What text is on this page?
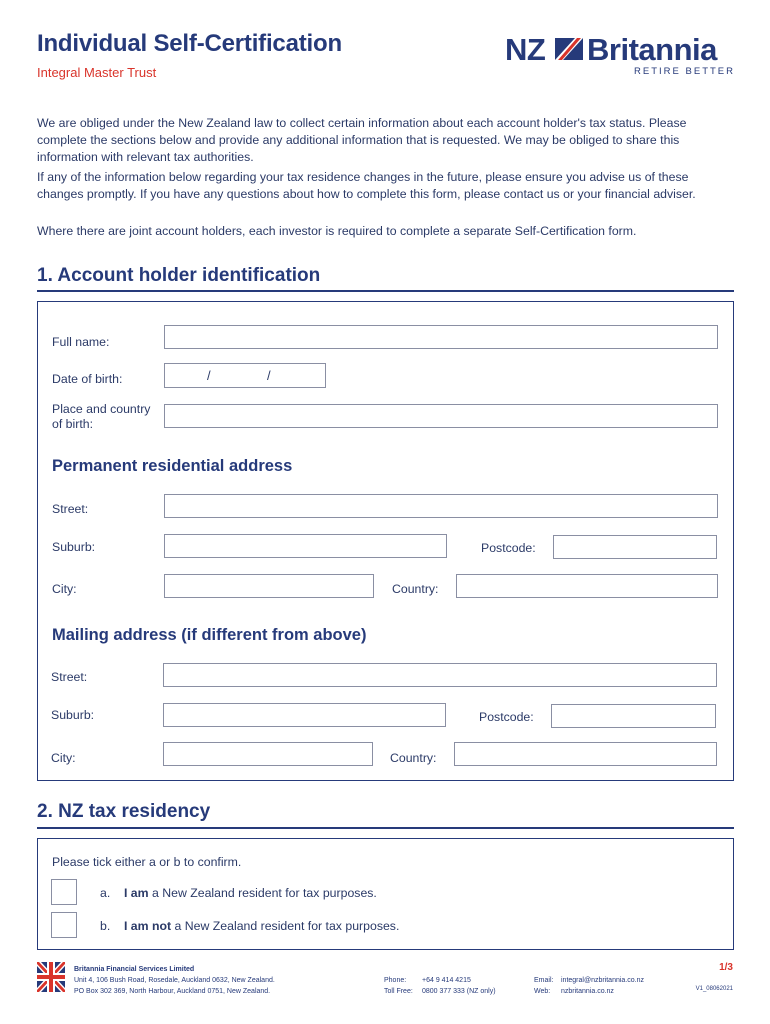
Individual Self-Certification
Integral Master Trust
NZ Britannia
RETIRE BETTER
We are obliged under the New Zealand law to collect certain information about each account holder's tax status. Please complete the sections below and provide any additional information that is requested. We may be obliged to share this information with relevant tax authorities.
If any of the information below regarding your tax residence changes in the future, please ensure you advise us of these changes promptly. If you have any questions about how to complete this form, please contact us or your financial adviser.
Where there are joint account holders, each investor is required to complete a separate Self-Certification form.
1. Account holder identification
Full name:
Date of birth:	/	/
Place and country
of birth:
Permanent residential address
Street:
Suburb:	Postcode:
City:	Country:
Mailing address (if different from above)
Street:
Suburb:	Postcode:
City:	Country:
2. NZ tax residency
Please tick either a or b to confirm.
a. I am a New Zealand resident for tax purposes.
b. I am not a New Zealand resident for tax purposes.
Britannia Financial Services Limited
Unit 4, 106 Bush Road, Rosedale, Auckland 0632, New Zealand.
PO Box 302 369, North Harbour, Auckland 0751, New Zealand.
Phone: +64 9 414 4215
Toll Free: 0800 377 333 (NZ only)
Email: integral@nzbritannia.co.nz
Web: nzbritannia.co.nz
1/3
V1_08062021
